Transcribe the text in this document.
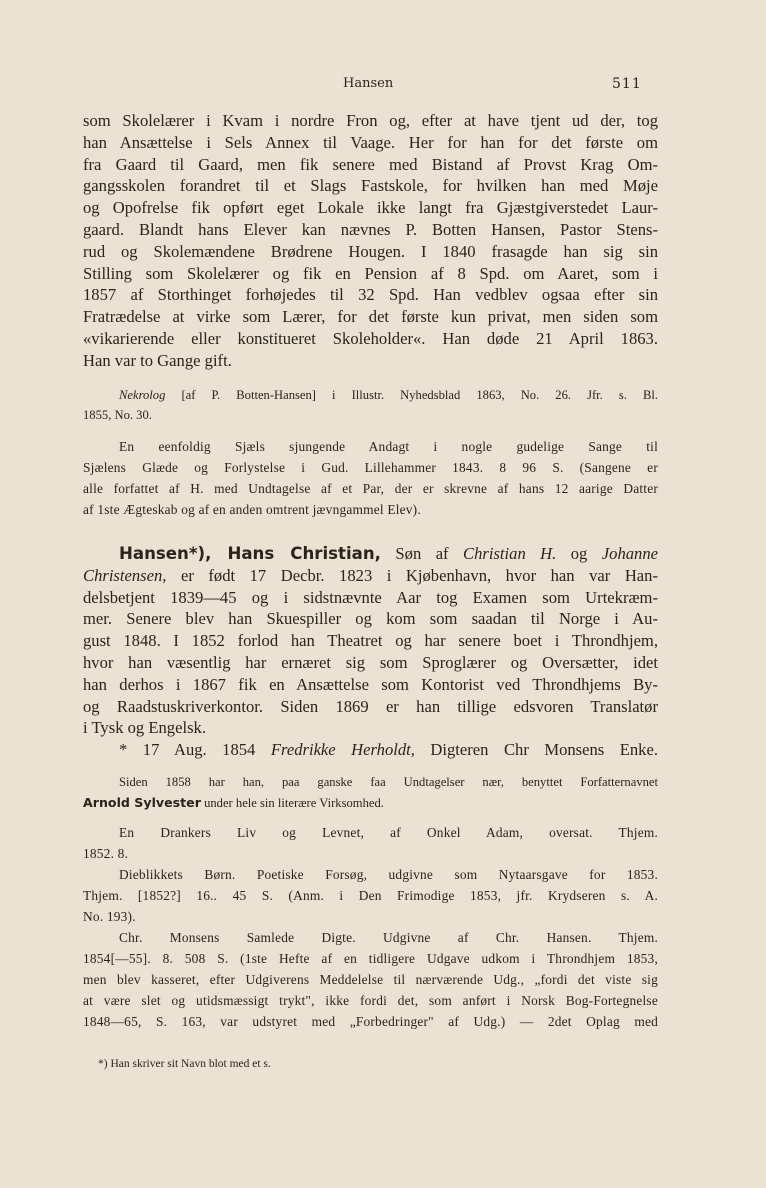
Hansen	511
som Skolelærer i Kvam i nordre Fron og, efter at have tjent ud der, tog
han Ansættelse i Sels Annex til Vaage. Her for han for det første om
fra Gaard til Gaard, men fik senere med Bistand af Provst Krag Om-
gangsskolen forandret til et Slags Fastskole, for hvilken han med Møje
og Opofrelse fik opført eget Lokale ikke langt fra Gjæstgiverstedet Laur-
gaard. Blandt hans Elever kan nævnes P. Botten Hansen, Pastor Stens-
rud og Skolemændene Brødrene Hougen. I 1840 frasagde han sig sin
Stilling som Skolelærer og fik en Pension af 8 Spd. om Aaret, som i
1857 af Storthinget forhøjedes til 32 Spd. Han vedblev ogsaa efter sin
Fratrædelse at virke som Lærer, for det første kun privat, men siden som
«vikarierende eller konstitueret Skoleholder«. Han døde 21 April 1863.
Han var to Gange gift.
Nekrolog [af P. Botten-Hansen] i Illustr. Nyhedsblad 1863, No. 26. Jfr. s. Bl.
1855, No. 30.
En eenfoldig Sjæls sjungende Andagt i nogle gudelige Sange til
Sjælens Glæde og Forlystelse i Gud. Lillehammer 1843. 8 96 S. (Sangene er
alle forfattet af H. med Undtagelse af et Par, der er skrevne af hans 12 aarige Datter
af 1ste Ægteskab og af en anden omtrent jævngammel Elev).
Hansen*), Hans Christian, Søn af Christian H. og Johanne
Christensen, er født 17 Decbr. 1823 i Kjøbenhavn, hvor han var Han-
delsbetjent 1839—45 og i sidstnævnte Aar tog Examen som Urtekræm-
mer. Senere blev han Skuespiller og kom som saadan til Norge i Au-
gust 1848. I 1852 forlod han Theatret og har senere boet i Throndhjem,
hvor han væsentlig har ernæret sig som Sproglærer og Oversætter, idet
han derhos i 1867 fik en Ansættelse som Kontorist ved Throndhjems By-
og Raadstuskriverkontor. Siden 1869 er han tillige edsvoren Translatør
i Tysk og Engelsk.
* 17 Aug. 1854 Fredrikke Herholdt, Digteren Chr Monsens Enke.
Siden 1858 har han, paa ganske faa Undtagelser nær, benyttet Forfatternavnet
Arnold Sylvester under hele sin literære Virksomhed.
En Drankers Liv og Levnet, af Onkel Adam, oversat. Thjem.
1852. 8.
Dieblikkets Børn. Poetiske Forsøg, udgivne som Nytaarsgave for 1853.
Thjem. [1852?] 16.. 45 S. (Anm. i Den Frimodige 1853, jfr. Krydseren s. A.
No. 193).
Chr. Monsens Samlede Digte. Udgivne af Chr. Hansen. Thjem.
1854[—55]. 8. 508 S. (1ste Hefte af en tidligere Udgave udkom i Throndhjem 1853,
men blev kasseret, efter Udgiverens Meddelelse til nærværende Udg., „fordi det viste sig
at være slet og utidsmæssigt trykt", ikke fordi det, som anført i Norsk Bog-Fortegnelse
1848—65, S. 163, var udstyret med „Forbedringer" af Udg.) — 2det Oplag med
*) Han skriver sit Navn blot med et s.
